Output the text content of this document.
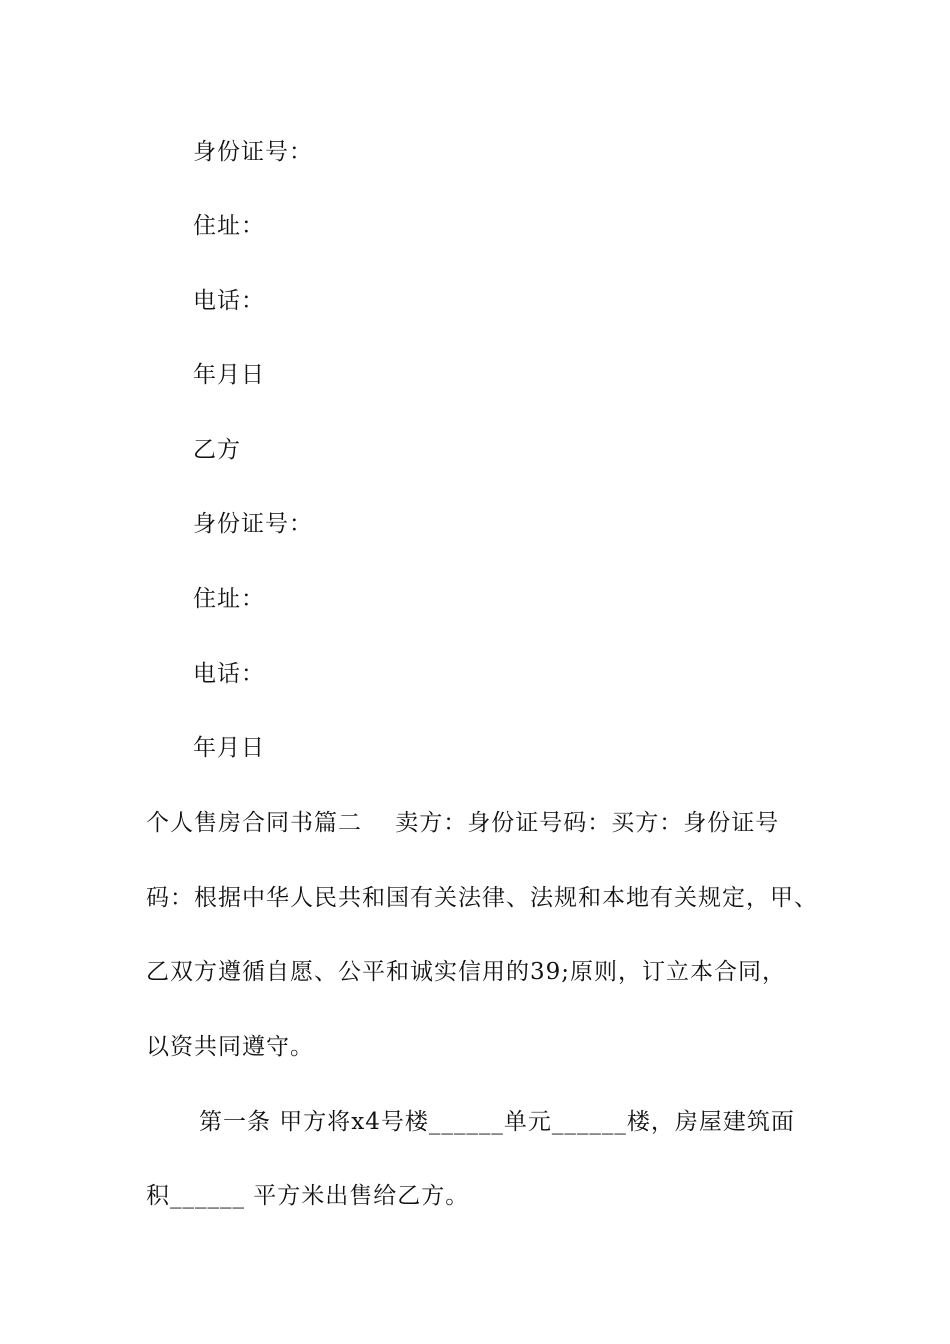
身份证号：
住址：
电话：
年月日
乙方
身份证号：
住址：
电话：
年月日
个人售房合同书篇二    卖方：身份证号码：买方：身份证号
码：根据中华人民共和国有关法律、法规和本地有关规定，甲、
乙双方遵循自愿、公平和诚实信用的39;原则，订立本合同，
以资共同遵守。
第一条 甲方将x4号楼______单元______楼，房屋建筑面
积______ 平方米出售给乙方。
